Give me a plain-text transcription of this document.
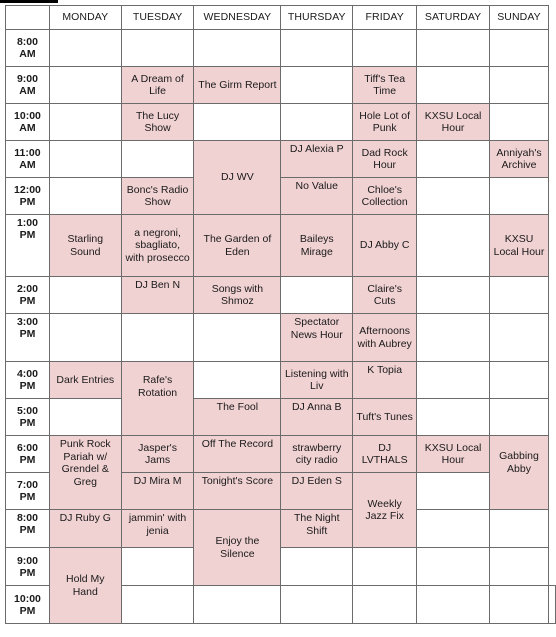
	MONDAY	TUESDAY	WEDNESDAY	THURSDAY	FRIDAY	SATURDAY	SUNDAY	
8:00
AM								
9:00
AM		A Dream of Life	The Girm Report		Tiff's Tea Time			
10:00
AM		The Lucy Show			Hole Lot of Punk	KXSU Local Hour		
11:00
AM			DJ WV	DJ Alexia P	Dad Rock Hour		Anniyah's Archive	
12:00
PM		Bonc's Radio Show		No Value	Chloe's Collection			
1:00
PM	Starling Sound	a negroni, sbagliato, with prosecco	The Garden of Eden	Baileys Mirage	DJ Abby C		KXSU Local Hour	
2:00
PM		DJ Ben N	Songs with Shmoz		Claire's Cuts			
3:00
PM				Spectator News Hour	Afternoons with Aubrey			
4:00
PM	Dark Entries	Rafe's Rotation		Listening with Liv	K Topia			
5:00
PM			The Fool	DJ Anna B	Tuft's Tunes			
6:00
PM	Punk Rock Pariah w/ Grendel & Greg	Jasper's Jams	Off The Record	strawberry city radio	DJ LVTHALS	KXSU Local Hour	Gabbing Abby	
7:00
PM		DJ Mira M	Tonight's Score	DJ Eden S	Weekly Jazz Fix			
8:00
PM	DJ Ruby G	jammin' with jenia	Enjoy the Silence	The Night Shift				
9:00
PM	Hold My Hand							
10:00
PM								
